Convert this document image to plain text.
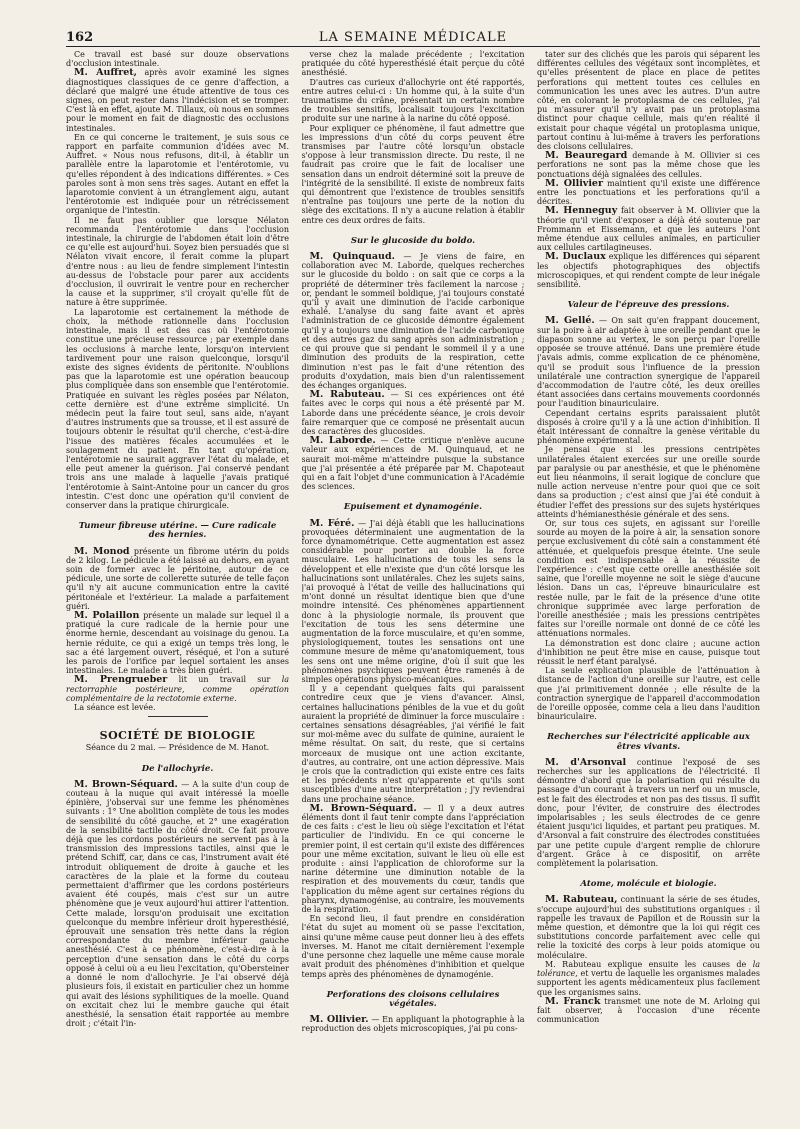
162	LA SEMAINE MÉDICALE

Ce travail est basé sur douze observations d'occlusion intestinale.

M. Auffret, après avoir examiné les signes diagnostiques classiques de ce genre d'affection, a déclaré que malgré une étude attentive de tous ces signes, on peut rester dans l'indécision et se tromper. C'est là en effet, ajoute M. Tillaux, où nous en sommes pour le moment en fait de diagnostic des occlusions intestinales.

En ce qui concerne le traitement, je suis sous ce rapport en parfaite communion d'idées avec M. Auffret. « Nous nous refusons, dit-il, à établir un parallèle entre la laparotomie et l'entérotomie, vu qu'elles répondent à des indications différentes. » Ces paroles sont à mon sens très sages. Autant en effet la laparotomie convient à un étranglement aigu, autant l'entérotomie est indiquée pour un rétrécissement organique de l'intestin.

Il ne faut pas oublier que lorsque Nélaton recommanda l'entérotomie dans l'occlusion intestinale, la chirurgie de l'abdomen était loin d'être ce qu'elle est aujourd'hui. Soyez bien persuadés que si Nélaton vivait encore, il ferait comme la plupart d'entre nous : au lieu de fendre simplement l'intestin au-dessus de l'obstacle pour parer aux accidents d'occlusion, il ouvrirait le ventre pour en rechercher la cause et la supprimer, s'il croyait qu'elle fût de nature à être supprimée.

La laparotomie est certainement la méthode de choix, la méthode rationnelle dans l'occlusion intestinale, mais il est des cas où l'entérotomie constitue une précieuse ressource ; par exemple dans les occlusions à marche lente, lorsqu'on intervient tardivement pour une raison quelconque, lorsqu'il existe des signes évidents de péritonite. N'oublions pas que la laparotomie est une opération beaucoup plus compliquée dans son ensemble que l'entérotomie. Pratiquée en suivant les règles posées par Nélaton, cette dernière est d'une extrême simplicité. Un médecin peut la faire tout seul, sans aide, n'ayant d'autres instruments que sa trousse, et il est assuré de toujours obtenir le résultat qu'il cherche, c'est-à-dire l'issue des matières fécales accumulées et le soulagement du patient. En tant qu'opération, l'entérotomie ne saurait aggraver l'état du malade, et elle peut amener la guérison. J'ai conservé pendant trois ans une malade à laquelle j'avais pratiqué l'entérotomie à Saint-Antoine pour un cancer du gros intestin. C'est donc une opération qu'il convient de conserver dans la pratique chirurgicale.

Tumeur fibreuse utérine. — Cure radicale des hernies.

M. Monod présente un fibrome utérin du poids de 2 kilog. Le pédicule a été laissé au dehors, en ayant soin de former avec le péritoine, autour de ce pédicule, une sorte de collerette suturée de telle façon qu'il n'y ait aucune communication entre la cavité péritonéale et l'extérieur. La malade a parfaitement guéri.

M. Polaillon présente un malade sur lequel il a pratiqué la cure radicale de la hernie pour une énorme hernie, descendant au voisinage du genou. La hernie réduite, ce qui a exigé un temps très long, le sac a été largement ouvert, réséqué, et l'on a suturé les parois de l'orifice par lequel sortaient les anses intestinales. Le malade a très bien guéri.

M. Prengrueber lit un travail sur la rectorraphie postérieure, comme opération complémentaire de la rectotomie externe.

La séance est levée.

SOCIÉTÉ DE BIOLOGIE
Séance du 2 mai. — Présidence de M. Hanot.
De l'allochyrie.

M. Brown-Séquard. — A la suite d'un coup de couteau à la nuque qui avait intéressé la moelle épinière, j'observai sur une femme les phénomènes suivants : 1° Une abolition complète de tous les modes de sensibilité du côté gauche, et 2° une exagération de la sensibilité tactile du côté droit. Ce fait prouve déjà que les cordons postérieurs ne servent pas à la transmission des impressions tactiles, ainsi que le prétend Schiff, car, dans ce cas, l'instrument avait été introduit obliquement de droite à gauche et les caractères de la plaie et la forme du couteau permettaient d'affirmer que les cordons postérieurs avaient été coupés, mais c'est sur un autre phénomène que je veux aujourd'hui attirer l'attention. Cette malade, lorsqu'on produisait une excitation quelconque du membre inférieur droit hyperesthésié, éprouvait une sensation très nette dans la région correspondante du membre inférieur gauche anesthésié. C'est à ce phénomène, c'est-à-dire à la perception d'une sensation dans le côté du corps opposé à celui où a eu lieu l'excitation, qu'Obersteiner a donné le nom d'allochyrie. Je l'ai observé déjà plusieurs fois, il existait en particulier chez un homme qui avait des lésions syphilitiques de la moelle. Quand on excitait chez lui le membre gauche qui était anesthésié, la sensation était rapportée au membre droit ; c'était l'in-

verse chez la malade précédente ; l'excitation pratiquée du côté hyperesthésié était perçue du côté anesthésié.

D'autres cas curieux d'allochyrie ont été rapportés, entre autres celui-ci : Un homme qui, à la suite d'un traumatisme du crâne, présentait un certain nombre de troubles sensitifs, localisait toujours l'excitation produite sur une narine à la narine du côté opposé.

Pour expliquer ce phénomène, il faut admettre que les impressions d'un côté du corps peuvent être transmises par l'autre côté lorsqu'un obstacle s'oppose à leur transmission directe. Du reste, il ne faudrait pas croire que le fait de localiser une sensation dans un endroit déterminé soit la preuve de l'intégrité de la sensibilité. Il existe de nombreux faits qui démontrent que l'existence de troubles sensitifs n'entraîne pas toujours une perte de la notion du siège des excitations. Il n'y a aucune relation à établir entre ces deux ordres de faits.

Sur le glucoside du boldo.

M. Quinquaud. — Je viens de faire, en collaboration avec M. Laborde, quelques recherches sur le glucoside du boldo : on sait que ce corps a la propriété de déterminer très facilement la narcose ; or, pendant le sommeil boldique, j'ai toujours constaté qu'il y avait une diminution de l'acide carbonique exhalé. L'analyse du sang faite avant et après l'administration de ce glucoside démontre également qu'il y a toujours une diminution de l'acide carbonique et des autres gaz du sang après son administration ; ce qui prouve que si pendant le sommeil il y a une diminution des produits de la respiration, cette diminution n'est pas le fait d'une rétention des produits d'oxydation, mais bien d'un ralentissement des échanges organiques.

M. Rabuteau. — Si ces expériences ont été faites avec le corps qui nous a été présenté par M. Laborde dans une précédente séance, je crois devoir faire remarquer que ce composé ne présentait aucun des caractères des glucosides.

M. Laborde. — Cette critique n'enlève aucune valeur aux expériences de M. Quinquaud, et ne saurait moi-même m'atteindre puisque la substance que j'ai présentée a été préparée par M. Chapoteaut qui en a fait l'objet d'une communication à l'Académie des sciences.

Epuisement et dynamogénie.

M. Féré. — J'ai déjà établi que les hallucinations provoquées déterminaient une augmentation de la force dynamométrique. Cette augmentation est assez considérable pour porter au double la force musculaire. Les hallucinations de tous les sens la développent et elle n'existe que d'un côté lorsque les hallucinations sont unilatérales. Chez les sujets sains, j'ai provoqué à l'état de veille des hallucinations qui m'ont donné un résultat identique bien que d'une moindre intensité. Ces phénomènes appartiennent donc à la physiologie normale, ils prouvent que l'excitation de tous les sens détermine une augmentation de la force musculaire, et qu'en somme, physiologiquement, toutes les sensations ont une commune mesure de même qu'anatomiquement, tous les sens ont une même origine, d'où il suit que les phénomènes psychiques peuvent être ramenés à de simples opérations physico-mécaniques.

Il y a cependant quelques faits qui paraissent contredire ceux que je viens d'avancer. Ainsi, certaines hallucinations pénibles de la vue et du goût auraient la propriété de diminuer la force musculaire : certaines sensations désagréables, j'ai vérifié le fait sur moi-même avec du sulfate de quinine, auraient le même résultat. On sait, du reste, que si certains morceaux de musique ont une action excitante, d'autres, au contraire, ont une action dépressive. Mais je crois que la contradiction qui existe entre ces faits et les précédents n'est qu'apparente et qu'ils sont susceptibles d'une autre interprétation ; j'y reviendrai dans une prochaine séance.

M. Brown-Séquard. — Il y a deux autres éléments dont il faut tenir compte dans l'appréciation de ces faits : c'est le lieu où siège l'excitation et l'état particulier de l'individu. En ce qui concerne le premier point, il est certain qu'il existe des différences pour une même excitation, suivant le lieu où elle est produite : ainsi l'application de chloroforme sur la narine détermine une diminution notable de la respiration et des mouvements du cœur, tandis que l'application du même agent sur certaines régions du pharynx, dynamogénise, au contraire, les mouvements de la respiration.

En second lieu, il faut prendre en considération l'état du sujet au moment où se passe l'excitation, ainsi qu'une même cause peut donner lieu à des effets inverses. M. Hanot me citait dernièrement l'exemple d'une personne chez laquelle une même cause morale avait produit des phénomènes d'inhibition et quelque temps après des phénomènes de dynamogénie.

Perforations des cloisons cellulaires végétales.

M. Ollivier. — En appliquant la photographie à la reproduction des objets microscopiques, j'ai pu cons-

tater sur des clichés que les parois qui séparent les différentes cellules des végétaux sont incomplètes, et qu'elles présentent de place en place de petites perforations qui mettent toutes ces cellules en communication les unes avec les autres. D'un autre côté, en colorant le protoplasma de ces cellules, j'ai pu m'assurer qu'il n'y avait pas un protoplasma distinct pour chaque cellule, mais qu'en réalité il existait pour chaque végétal un protoplasma unique, partout continu à lui-même à travers les perforations des cloisons cellulaires.

M. Beauregard demande à M. Ollivier si ces perforations ne sont pas la même chose que les ponctuations déjà signalées des cellules.

M. Ollivier maintient qu'il existe une différence entre les ponctuations et les perforations qu'il a décrites.

M. Henneguy fait observer à M. Ollivier que la théorie qu'il vient d'exposer a déjà été soutenue par Frommann et Eissemann, et que les auteurs l'ont même étendue aux cellules animales, en particulier aux cellules cartilagineuses.

M. Duclaux explique les différences qui séparent les objectifs photographiques des objectifs microscopiques, et qui rendent compte de leur inégale sensibilité.

Valeur de l'épreuve des pressions.

M. Gellé. — On sait qu'en frappant doucement, sur la poire à air adaptée à une oreille pendant que le diapason sonne au vertex, le son perçu par l'oreille opposée se trouve atténué. Dans une première étude j'avais admis, comme explication de ce phénomène, qu'il se produit sous l'influence de la pression unilatérale une contraction synergique de l'appareil d'accommodation de l'autre côté, les deux oreilles étant associées dans certains mouvements coordonnés pour l'audition binauriculaire.

Cependant certains esprits paraissaient plutôt disposés à croire qu'il y a là une action d'inhibition. Il était intéressant de connaître la genèse véritable du phénomène expérimental.

Je pensai que si les pressions centripètes unilatérales étaient exercées sur une oreille sourde par paralysie ou par anesthésie, et que le phénomène eut lieu néanmoins, il serait logique de conclure que nulle action nerveuse n'entre pour quoi que ce soit dans sa production ; c'est ainsi que j'ai été conduit à étudier l'effet des pressions sur des sujets hystériques atteints d'hémianesthésie générale et des sens.

Or, sur tous ces sujets, en agissant sur l'oreille sourde au moyen de la poire à air, la sensation sonore perçue exclusivement du côté sain a constamment été atténuée, et quelquefois presque éteinte. Une seule condition est indispensable à la réussite de l'expérience : c'est que cette oreille anesthésiée soit saine, que l'oreille moyenne ne soit le siège d'aucune lésion. Dans un cas, l'épreuve binauriculaire est restée nulle, par le fait de la présence d'une otite chronique supprimée avec large perforation de l'oreille anesthésiée ; mais les pressions centripètes faites sur l'oreille normale ont donné de ce côté les atténuations normales.

La démonstration est donc claire ; aucune action d'inhibition ne peut être mise en cause, puisque tout réussit le nerf étant paralysé.

La seule explication plausible de l'atténuation à distance de l'action d'une oreille sur l'autre, est celle que j'ai primitivement donnée ; elle résulte de la contraction synergique de l'appareil d'accommodation de l'oreille opposée, comme cela a lieu dans l'audition binauriculaire.

Recherches sur l'électricité applicable aux êtres vivants.

M. d'Arsonval continue l'exposé de ses recherches sur les applications de l'électricité. Il démontre d'abord que la polarisation qui résulte du passage d'un courant à travers un nerf ou un muscle, est le fait des électrodes et non pas des tissus. Il suffit donc, pour l'éviter, de construire des électrodes impolarisables ; les seuls électrodes de ce genre étaient jusqu'ici liquides, et partant peu pratiques. M. d'Arsonval a fait construire des électrodes constituées par une petite cupule d'argent remplie de chlorure d'argent. Grâce à ce dispositif, on arrête complètement la polarisation.

Atome, molécule et biologie.

M. Rabuteau, continuant la série de ses études, s'occupe aujourd'hui des substitutions organiques : il rappelle les travaux de Papillon et de Roussin sur la même question, et démontre que la loi qui régit ces substitutions concorde parfaitement avec celle qui relie la toxicité des corps à leur poids atomique ou moléculaire.

M. Rabuteau explique ensuite les causes de la tolérance, et vertu de laquelle les organismes malades supportent les agents médicamenteux plus facilement que les organismes sains.

M. Franck transmet une note de M. Arloing qui fait observer, à l'occasion d'une récente communication
